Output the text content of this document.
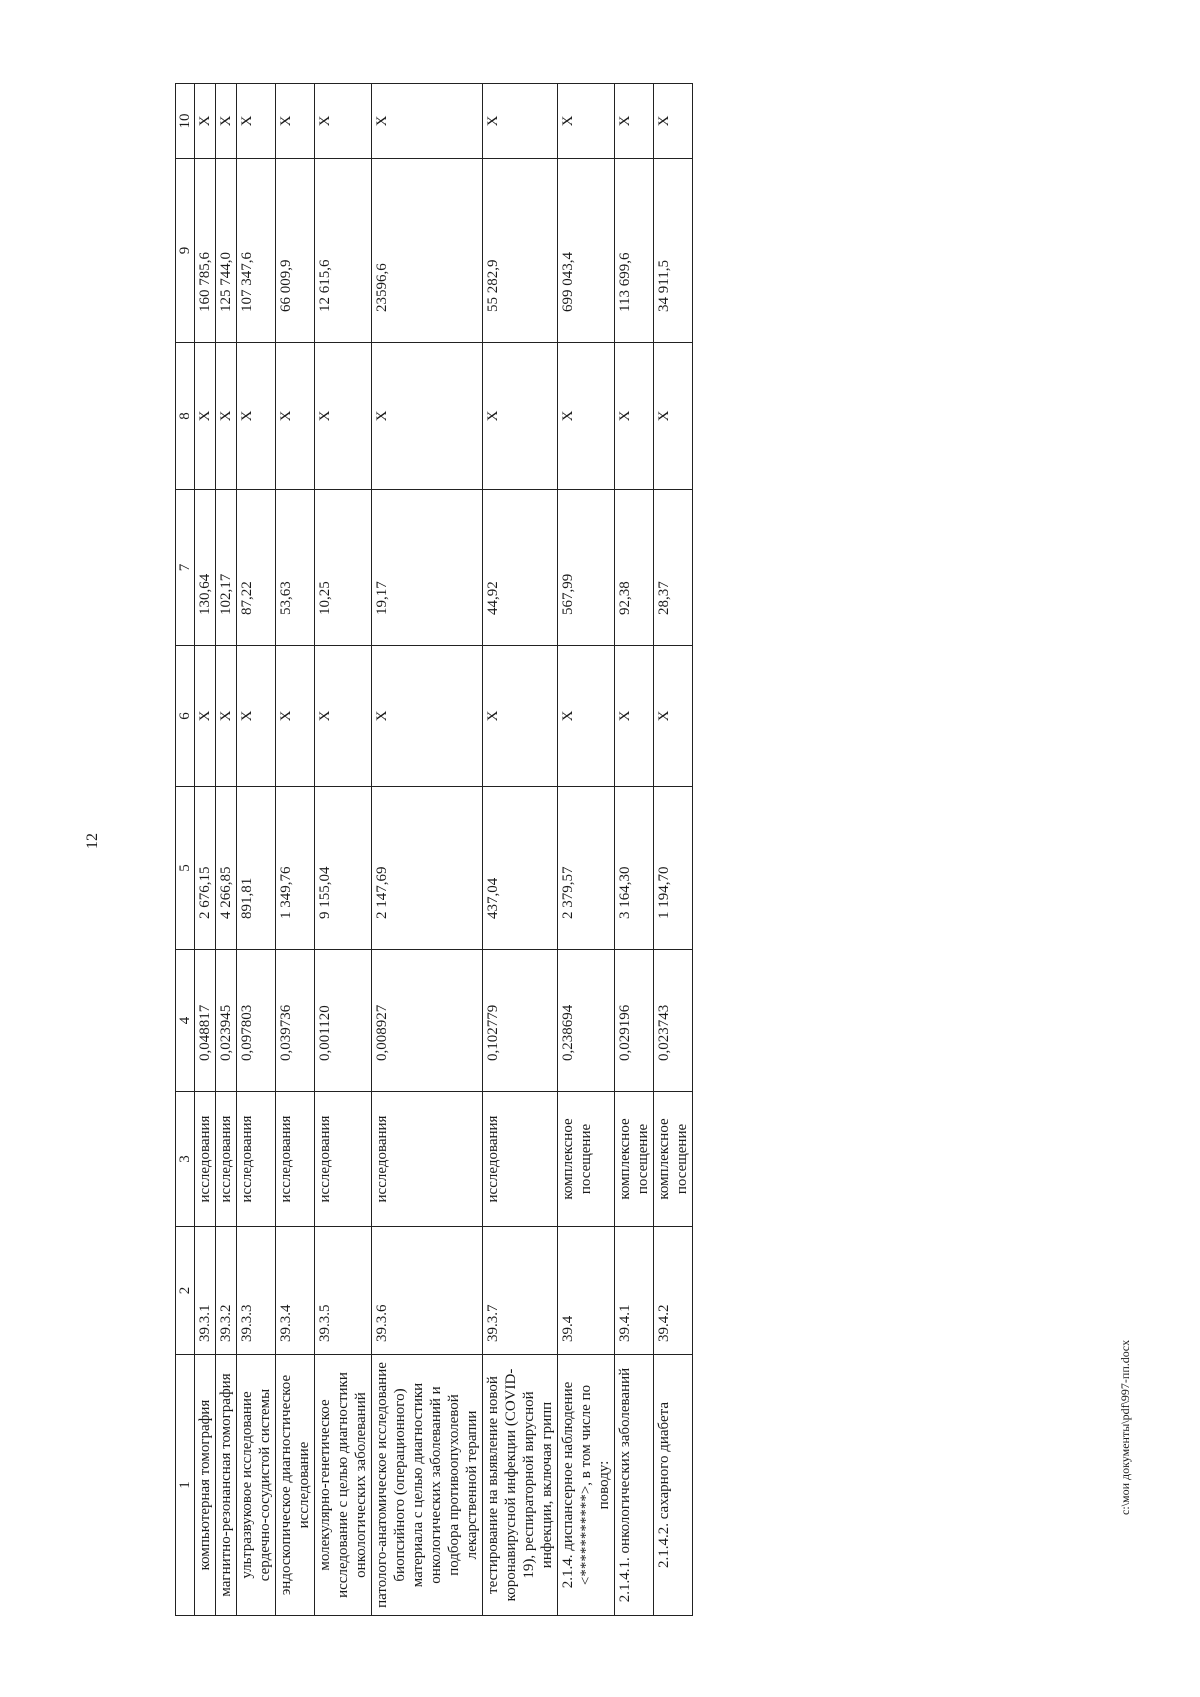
12
1	2	3	4	5	6	7	8	9	10
компьютерная томография	39.3.1	исследования	0,048817	2 676,15	Х	130,64	Х	160 785,6	Х
магнитно-резонансная томография	39.3.2	исследования	0,023945	4 266,85	Х	102,17	Х	125 744,0	Х
ультразвуковое исследование сердечно-сосудистой системы	39.3.3	исследования	0,097803	891,81	Х	87,22	Х	107 347,6	Х
эндоскопическое диагностическое исследование	39.3.4	исследования	0,039736	1 349,76	Х	53,63	Х	66 009,9	Х
молекулярно-генетическое исследование с целью диагностики онкологических заболеваний	39.3.5	исследования	0,001120	9 155,04	Х	10,25	Х	12 615,6	Х
патолого-анатомическое исследование биопсийного (операционного) материала с целью диагностики онкологических заболеваний и подбора противоопухолевой лекарственной терапии	39.3.6	исследования	0,008927	2 147,69	Х	19,17	Х	23596,6	Х
тестирование на выявление новой коронавирусной инфекции (COVID-19), респираторной вирусной инфекции, включая грипп	39.3.7	исследования	0,102779	437,04	Х	44,92	Х	55 282,9	Х
2.1.4. диспансерное наблюдение <***********>, в том числе по поводу:	39.4	комплексное посещение	0,238694	2 379,57	Х	567,99	Х	699 043,4	Х
2.1.4.1. онкологических заболеваний	39.4.1	комплексное посещение	0,029196	3 164,30	Х	92,38	Х	113 699,6	Х
2.1.4.2. сахарного диабета	39.4.2	комплексное посещение	0,023743	1 194,70	Х	28,37	Х	34 911,5	Х
c:\мои документы\pdf\997-пп.docx
